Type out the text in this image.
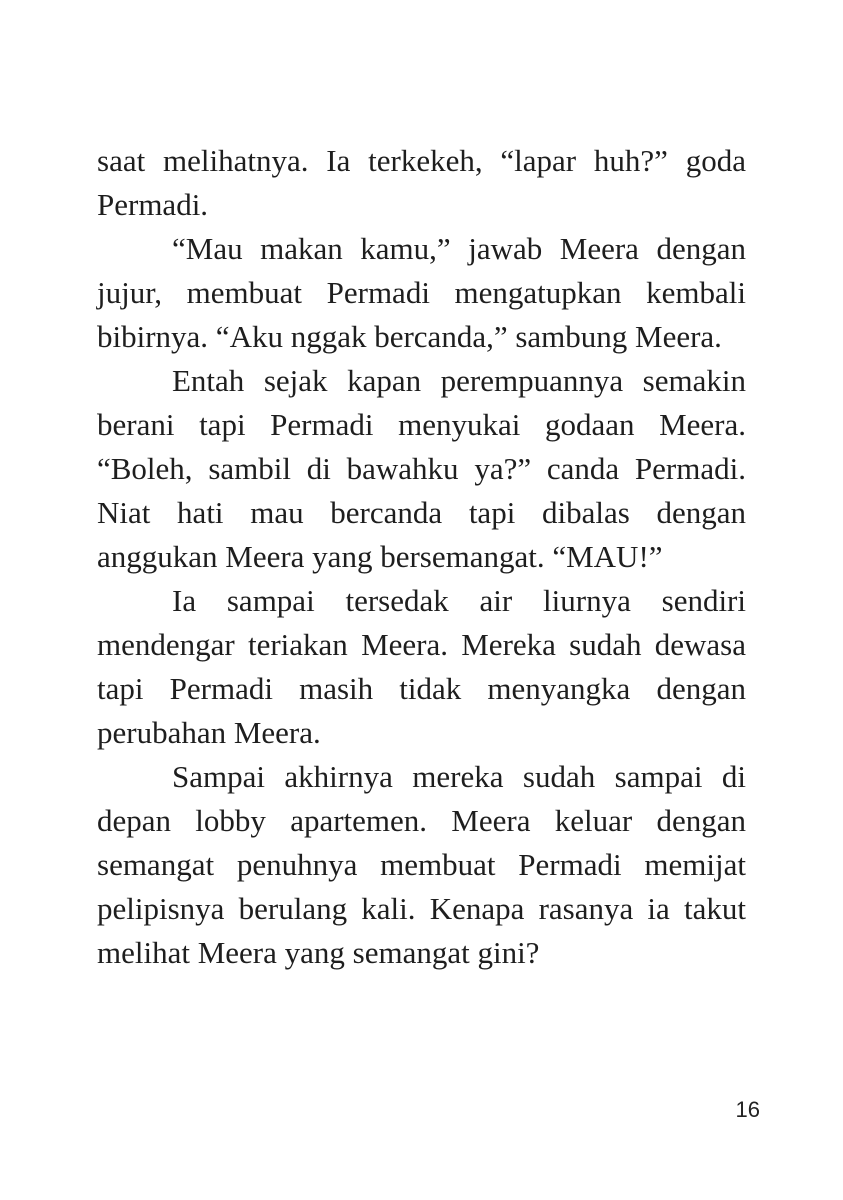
saat melihatnya. Ia terkekeh, “lapar huh?” goda Permadi.

“Mau makan kamu,” jawab Meera dengan jujur, membuat Permadi mengatupkan kembali bibirnya. “Aku nggak bercanda,” sambung Meera.

Entah sejak kapan perempuannya semakin berani tapi Permadi menyukai godaan Meera. “Boleh, sambil di bawahku ya?” canda Permadi. Niat hati mau bercanda tapi dibalas dengan anggukan Meera yang bersemangat. “MAU!”

Ia sampai tersedak air liurnya sendiri mendengar teriakan Meera. Mereka sudah dewasa tapi Permadi masih tidak menyangka dengan perubahan Meera.

Sampai akhirnya mereka sudah sampai di depan lobby apartemen. Meera keluar dengan semangat penuhnya membuat Permadi memijat pelipisnya berulang kali. Kenapa rasanya ia takut melihat Meera yang semangat gini?

16
